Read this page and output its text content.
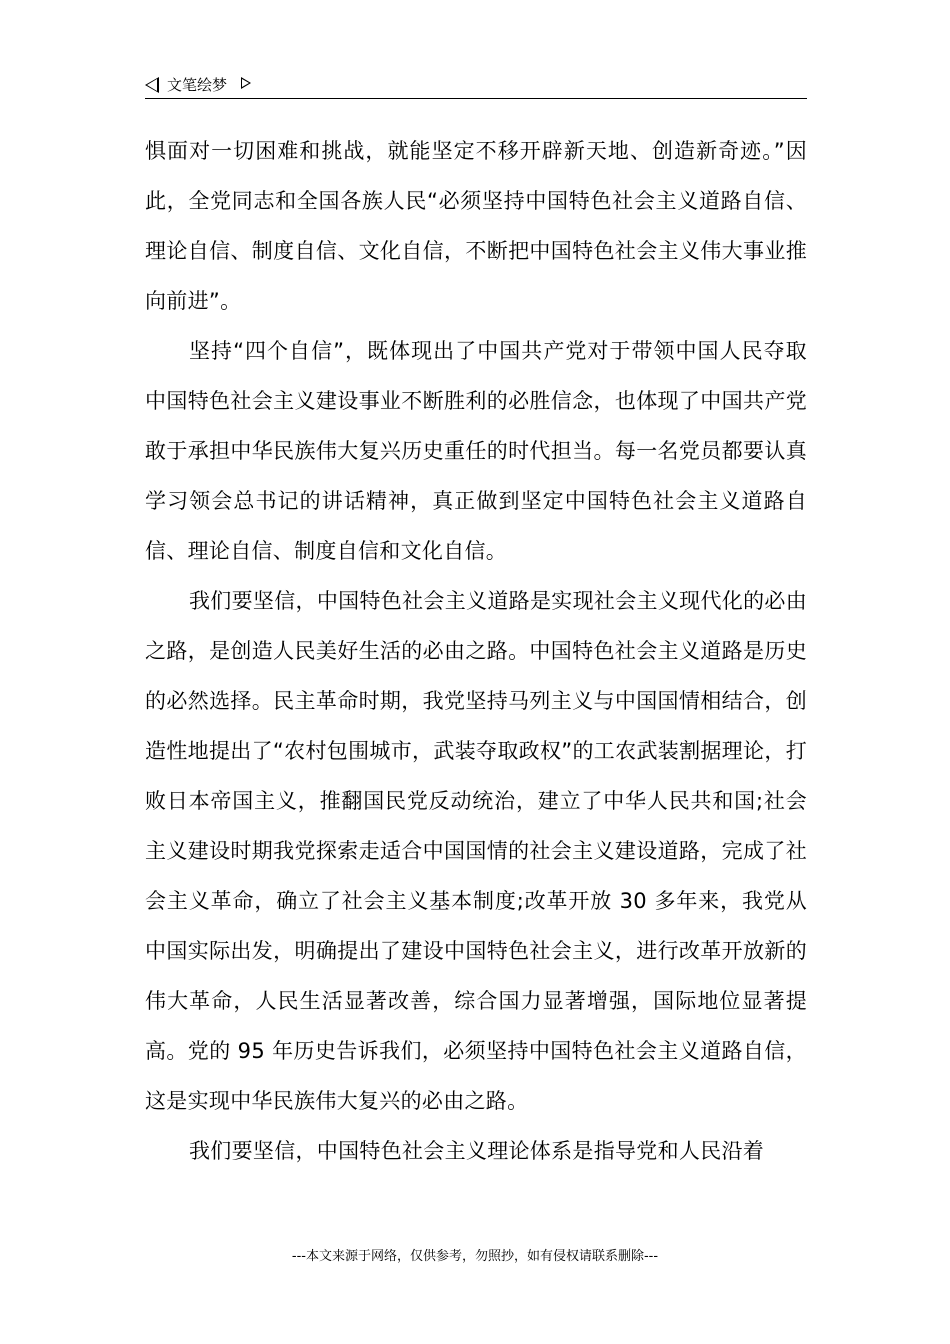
文笔绘梦

惧面对一切困难和挑战，就能坚定不移开辟新天地、创造新奇迹。”因此，全党同志和全国各族人民“必须坚持中国特色社会主义道路自信、理论自信、制度自信、文化自信，不断把中国特色社会主义伟大事业推向前进”。

坚持“四个自信”，既体现出了中国共产党对于带领中国人民夺取中国特色社会主义建设事业不断胜利的必胜信念，也体现了中国共产党敢于承担中华民族伟大复兴历史重任的时代担当。每一名党员都要认真学习领会总书记的讲话精神，真正做到坚定中国特色社会主义道路自信、理论自信、制度自信和文化自信。

我们要坚信，中国特色社会主义道路是实现社会主义现代化的必由之路，是创造人民美好生活的必由之路。中国特色社会主义道路是历史的必然选择。民主革命时期，我党坚持马列主义与中国国情相结合，创造性地提出了“农村包围城市，武装夺取政权”的工农武装割据理论，打败日本帝国主义，推翻国民党反动统治，建立了中华人民共和国;社会主义建设时期我党探索走适合中国国情的社会主义建设道路，完成了社会主义革命，确立了社会主义基本制度;改革开放 30 多年来，我党从中国实际出发，明确提出了建设中国特色社会主义，进行改革开放新的伟大革命，人民生活显著改善，综合国力显著增强，国际地位显著提高。党的 95 年历史告诉我们，必须坚持中国特色社会主义道路自信，这是实现中华民族伟大复兴的必由之路。

我们要坚信，中国特色社会主义理论体系是指导党和人民沿着

---本文来源于网络，仅供参考，勿照抄，如有侵权请联系删除---
